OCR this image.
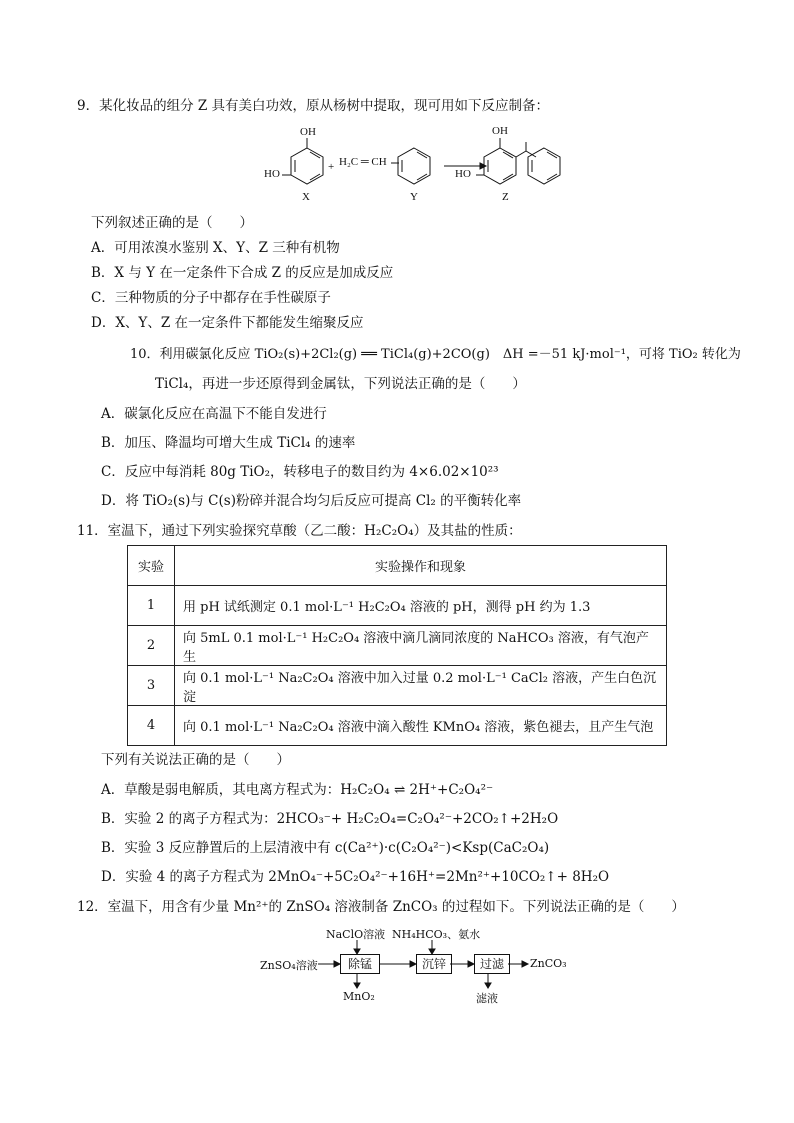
9．某化妆品的组分 Z 具有美白功效，原从杨树中提取，现可用如下反应制备：
OH
HO
+ H₂C ═ CH
X	Y
OH
HO
Z
下列叙述正确的是（　　）
A．可用浓溴水鉴别 X、Y、Z 三种有机物
B．X 与 Y 在一定条件下合成 Z 的反应是加成反应
C．三种物质的分子中都存在手性碳原子
D．X、Y、Z 在一定条件下都能发生缩聚反应
10．利用碳氯化反应 TiO₂(s)+2Cl₂(g) ══ TiCl₄(g)+2CO(g)　ΔH =－51 kJ·mol⁻¹，可将 TiO₂ 转化为
TiCl₄，再进一步还原得到金属钛，下列说法正确的是（　　）
A．碳氯化反应在高温下不能自发进行
B．加压、降温均可增大生成 TiCl₄ 的速率
C．反应中每消耗 80g TiO₂，转移电子的数目约为 4×6.02×10²³
D．将 TiO₂(s)与 C(s)粉碎并混合均匀后反应可提高 Cl₂ 的平衡转化率
11．室温下，通过下列实验探究草酸（乙二酸：H₂C₂O₄）及其盐的性质：
实验	实验操作和现象
1	用 pH 试纸测定 0.1 mol·L⁻¹ H₂C₂O₄ 溶液的 pH，测得 pH 约为 1.3
2	向 5mL 0.1 mol·L⁻¹ H₂C₂O₄ 溶液中滴几滴同浓度的 NaHCO₃ 溶液，有气泡产生
3	向 0.1 mol·L⁻¹ Na₂C₂O₄ 溶液中加入过量 0.2 mol·L⁻¹ CaCl₂ 溶液，产生白色沉淀
4	向 0.1 mol·L⁻¹ Na₂C₂O₄ 溶液中滴入酸性 KMnO₄ 溶液，紫色褪去，且产生气泡
下列有关说法正确的是（　　）
A．草酸是弱电解质，其电离方程式为：H₂C₂O₄ ⇌ 2H⁺+C₂O₄²⁻
B．实验 2 的离子方程式为：2HCO₃⁻+ H₂C₂O₄=C₂O₄²⁻+2CO₂↑+2H₂O
B．实验 3 反应静置后的上层清液中有 c(Ca²⁺)·c(C₂O₄²⁻)<Ksp(CaC₂O₄)
D．实验 4 的离子方程式为 2MnO₄⁻+5C₂O₄²⁻+16H⁺=2Mn²⁺+10CO₂↑+ 8H₂O
12．室温下，用含有少量 Mn²⁺的 ZnSO₄ 溶液制备 ZnCO₃ 的过程如下。下列说法正确的是（　　）
ZnSO₄溶液	除锰	沉锌	过滤	ZnCO₃
NaClO溶液 NH₄HCO₃、氨水
MnO₂	滤液
